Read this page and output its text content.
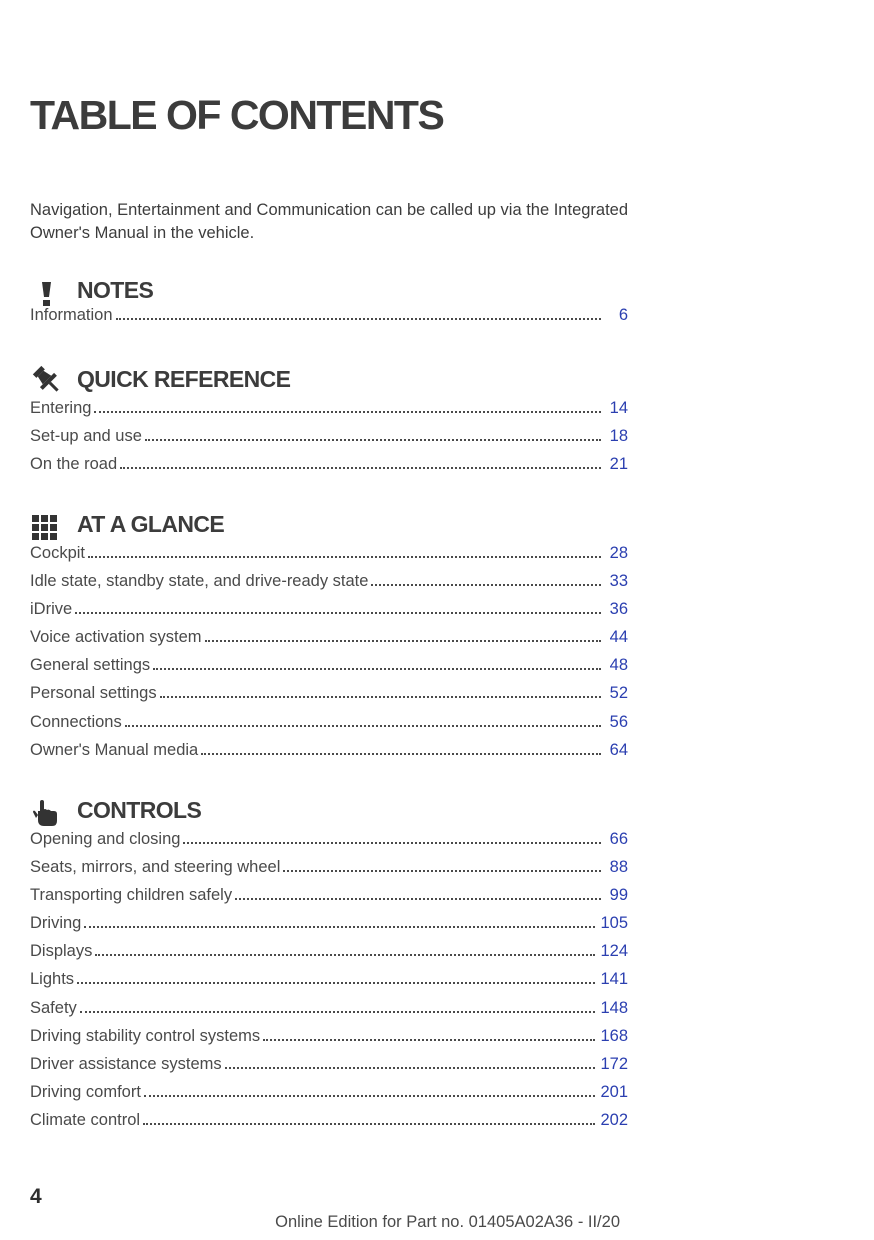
TABLE OF CONTENTS

Navigation, Entertainment and Communication can be called up via the Integrated Owner's Manual in the vehicle.

NOTES
Information	6
QUICK REFERENCE
Entering	14
Set-up and use	18
On the road	21
AT A GLANCE
Cockpit	28
Idle state, standby state, and drive-ready state	33
iDrive	36
Voice activation system	44
General settings	48
Personal settings	52
Connections	56
Owner's Manual media	64
CONTROLS
Opening and closing	66
Seats, mirrors, and steering wheel	88
Transporting children safely	99
Driving	105
Displays	124
Lights	141
Safety	148
Driving stability control systems	168
Driver assistance systems	172
Driving comfort	201
Climate control	202

4

Online Edition for Part no. 01405A02A36 - II/20
